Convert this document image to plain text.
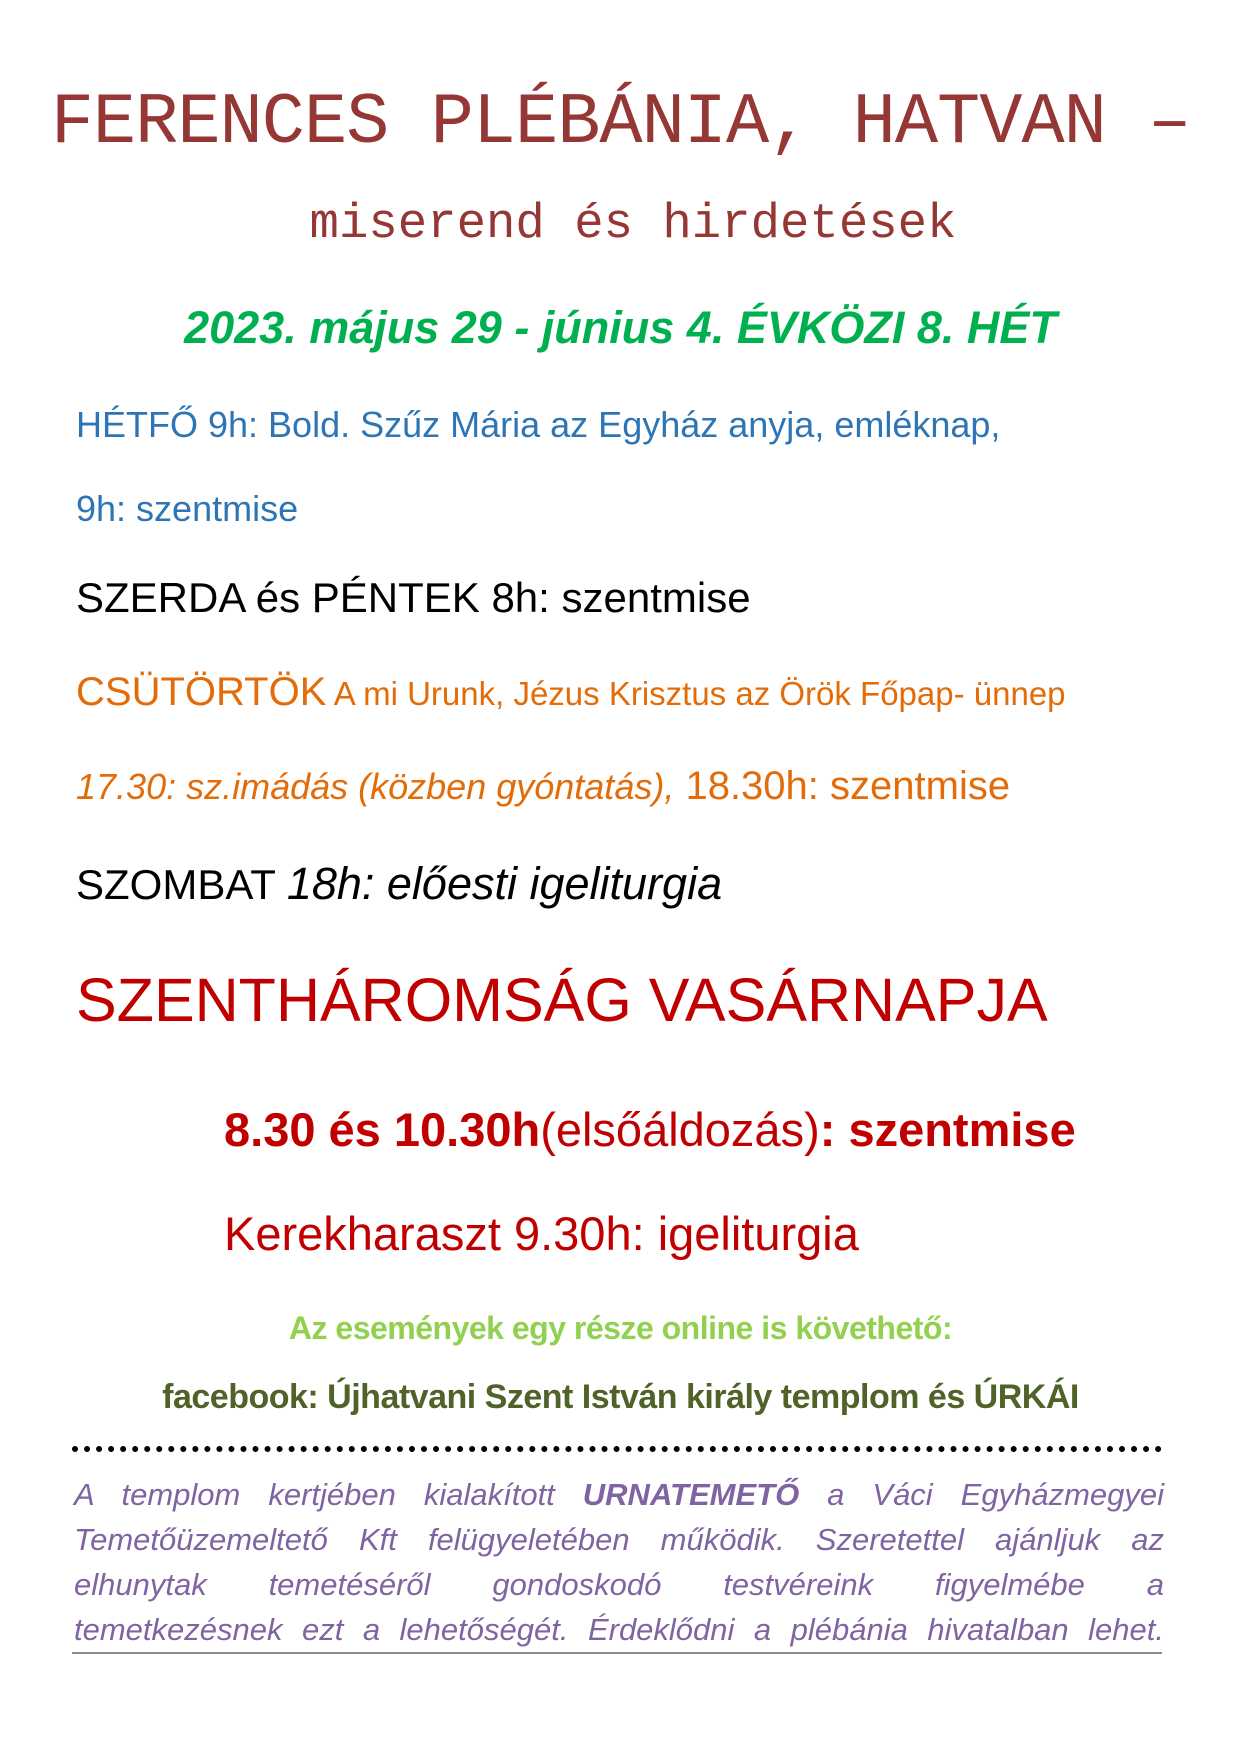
FERENCES PLÉBÁNIA, HATVAN –
miserend és hirdetések
2023. május 29 - június 4. ÉVKÖZI 8. HÉT
HÉTFŐ 9h: Bold. Szűz Mária az Egyház anyja, emléknap,
9h: szentmise
SZERDA és PÉNTEK 8h: szentmise
CSÜTÖRTÖK A mi Urunk, Jézus Krisztus az Örök Főpap- ünnep
17.30: sz.imádás (közben gyóntatás), 18.30h: szentmise
SZOMBAT 18h: előesti igeliturgia
SZENTHÁROMSÁG VASÁRNAPJA
8.30 és 10.30h(elsőáldozás): szentmise
Kerekharaszt 9.30h: igeliturgia
Az események egy része online is követhető:
facebook: Újhatvani Szent István király templom és ÚRKÁI
A templom kertjében kialakított URNATEMETŐ a Váci Egyházmegyei
Temetőüzemeltető Kft felügyeletében működik. Szeretettel ajánljuk az
elhunytak temetéséről gondoskodó testvéreink figyelmébe a
temetkezésnek ezt a lehetőségét. Érdeklődni a plébánia hivatalban lehet.
